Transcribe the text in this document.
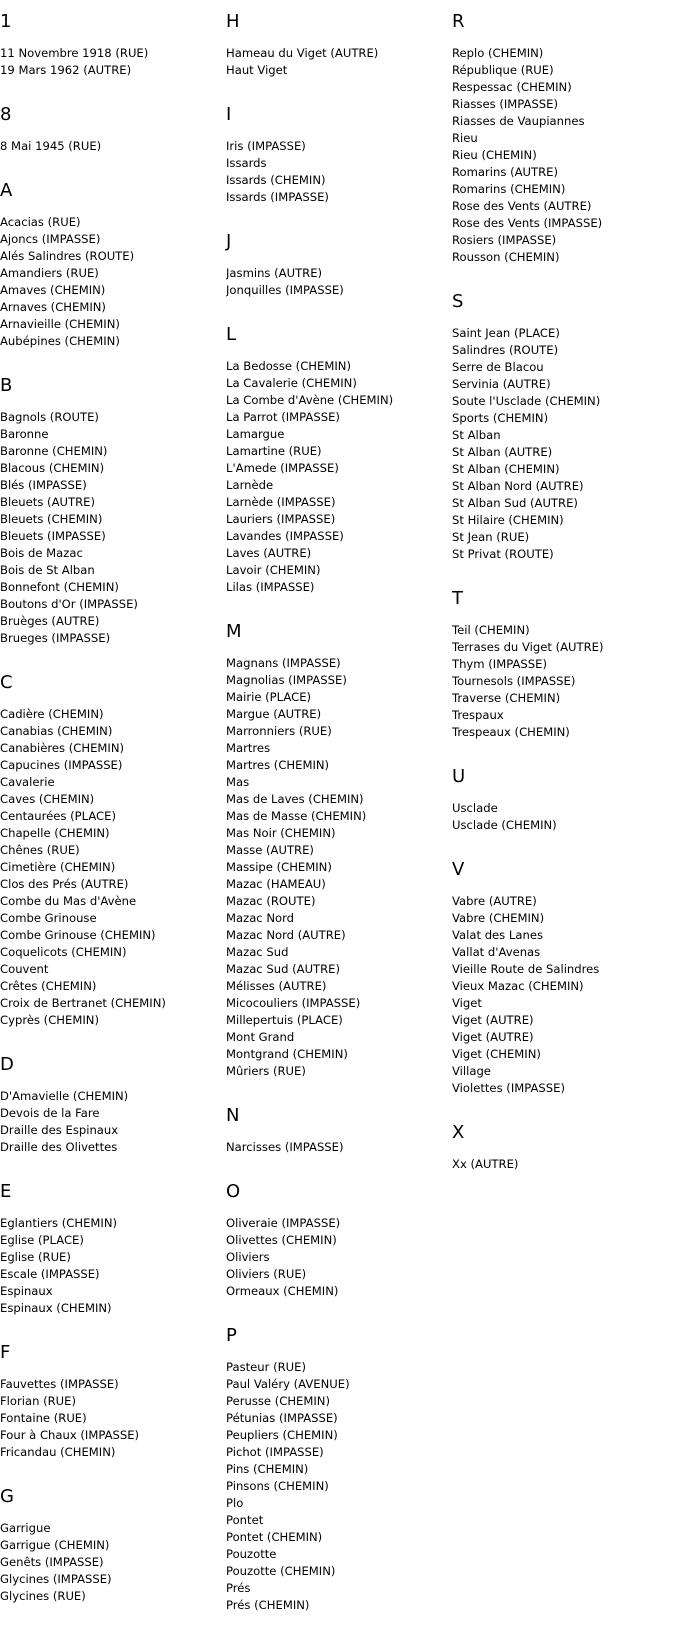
1
11 Novembre 1918 (RUE)
19 Mars 1962 (AUTRE)
8
8 Mai 1945 (RUE)
A
Acacias (RUE)
Ajoncs (IMPASSE)
Alés Salindres (ROUTE)
Amandiers (RUE)
Amaves (CHEMIN)
Arnaves (CHEMIN)
Arnavieille (CHEMIN)
Aubépines (CHEMIN)
B
Bagnols (ROUTE)
Baronne
Baronne (CHEMIN)
Blacous (CHEMIN)
Blés (IMPASSE)
Bleuets (AUTRE)
Bleuets (CHEMIN)
Bleuets (IMPASSE)
Bois de Mazac
Bois de St Alban
Bonnefont (CHEMIN)
Boutons d'Or (IMPASSE)
Bruèges (AUTRE)
Brueges (IMPASSE)
C
Cadière (CHEMIN)
Canabias (CHEMIN)
Canabières (CHEMIN)
Capucines (IMPASSE)
Cavalerie
Caves (CHEMIN)
Centaurées (PLACE)
Chapelle (CHEMIN)
Chênes (RUE)
Cimetière (CHEMIN)
Clos des Prés (AUTRE)
Combe du Mas d'Avène
Combe Grinouse
Combe Grinouse (CHEMIN)
Coquelicots (CHEMIN)
Couvent
Crêtes (CHEMIN)
Croix de Bertranet (CHEMIN)
Cyprès (CHEMIN)
D
D'Amavielle (CHEMIN)
Devois de la Fare
Draille des Espinaux
Draille des Olivettes
E
Eglantiers (CHEMIN)
Eglise (PLACE)
Eglise (RUE)
Escale (IMPASSE)
Espinaux
Espinaux (CHEMIN)
F
Fauvettes (IMPASSE)
Florian (RUE)
Fontaine (RUE)
Four à Chaux (IMPASSE)
Fricandau (CHEMIN)
G
Garrigue
Garrigue (CHEMIN)
Genêts (IMPASSE)
Glycines (IMPASSE)
Glycines (RUE)
H
Hameau du Viget (AUTRE)
Haut Viget
I
Iris (IMPASSE)
Issards
Issards (CHEMIN)
Issards (IMPASSE)
J
Jasmins (AUTRE)
Jonquilles (IMPASSE)
L
La Bedosse (CHEMIN)
La Cavalerie (CHEMIN)
La Combe d'Avène (CHEMIN)
La Parrot (IMPASSE)
Lamargue
Lamartine (RUE)
L'Amede (IMPASSE)
Larnède
Larnède (IMPASSE)
Lauriers (IMPASSE)
Lavandes (IMPASSE)
Laves (AUTRE)
Lavoir (CHEMIN)
Lilas (IMPASSE)
M
Magnans (IMPASSE)
Magnolias (IMPASSE)
Mairie (PLACE)
Margue (AUTRE)
Marronniers (RUE)
Martres
Martres (CHEMIN)
Mas
Mas de Laves (CHEMIN)
Mas de Masse (CHEMIN)
Mas Noir (CHEMIN)
Masse (AUTRE)
Massipe (CHEMIN)
Mazac (HAMEAU)
Mazac (ROUTE)
Mazac Nord
Mazac Nord (AUTRE)
Mazac Sud
Mazac Sud (AUTRE)
Mélisses (AUTRE)
Micocouliers (IMPASSE)
Millepertuis (PLACE)
Mont Grand
Montgrand (CHEMIN)
Mûriers (RUE)
N
Narcisses (IMPASSE)
O
Oliveraie (IMPASSE)
Olivettes (CHEMIN)
Oliviers
Oliviers (RUE)
Ormeaux (CHEMIN)
P
Pasteur (RUE)
Paul Valéry (AVENUE)
Perusse (CHEMIN)
Pétunias (IMPASSE)
Peupliers (CHEMIN)
Pichot (IMPASSE)
Pins (CHEMIN)
Pinsons (CHEMIN)
Plo
Pontet
Pontet (CHEMIN)
Pouzotte
Pouzotte (CHEMIN)
Prés
Prés (CHEMIN)
R
Replo (CHEMIN)
République (RUE)
Respessac (CHEMIN)
Riasses (IMPASSE)
Riasses de Vaupiannes
Rieu
Rieu (CHEMIN)
Romarins (AUTRE)
Romarins (CHEMIN)
Rose des Vents (AUTRE)
Rose des Vents (IMPASSE)
Rosiers (IMPASSE)
Rousson (CHEMIN)
S
Saint Jean (PLACE)
Salindres (ROUTE)
Serre de Blacou
Servinia (AUTRE)
Soute l'Usclade (CHEMIN)
Sports (CHEMIN)
St Alban
St Alban (AUTRE)
St Alban (CHEMIN)
St Alban Nord (AUTRE)
St Alban Sud (AUTRE)
St Hilaire (CHEMIN)
St Jean (RUE)
St Privat (ROUTE)
T
Teil (CHEMIN)
Terrases du Viget (AUTRE)
Thym (IMPASSE)
Tournesols (IMPASSE)
Traverse (CHEMIN)
Trespaux
Trespeaux (CHEMIN)
U
Usclade
Usclade (CHEMIN)
V
Vabre (AUTRE)
Vabre (CHEMIN)
Valat des Lanes
Vallat d'Avenas
Vieille Route de Salindres
Vieux Mazac (CHEMIN)
Viget
Viget (AUTRE)
Viget (AUTRE)
Viget (CHEMIN)
Village
Violettes (IMPASSE)
X
Xx (AUTRE)
